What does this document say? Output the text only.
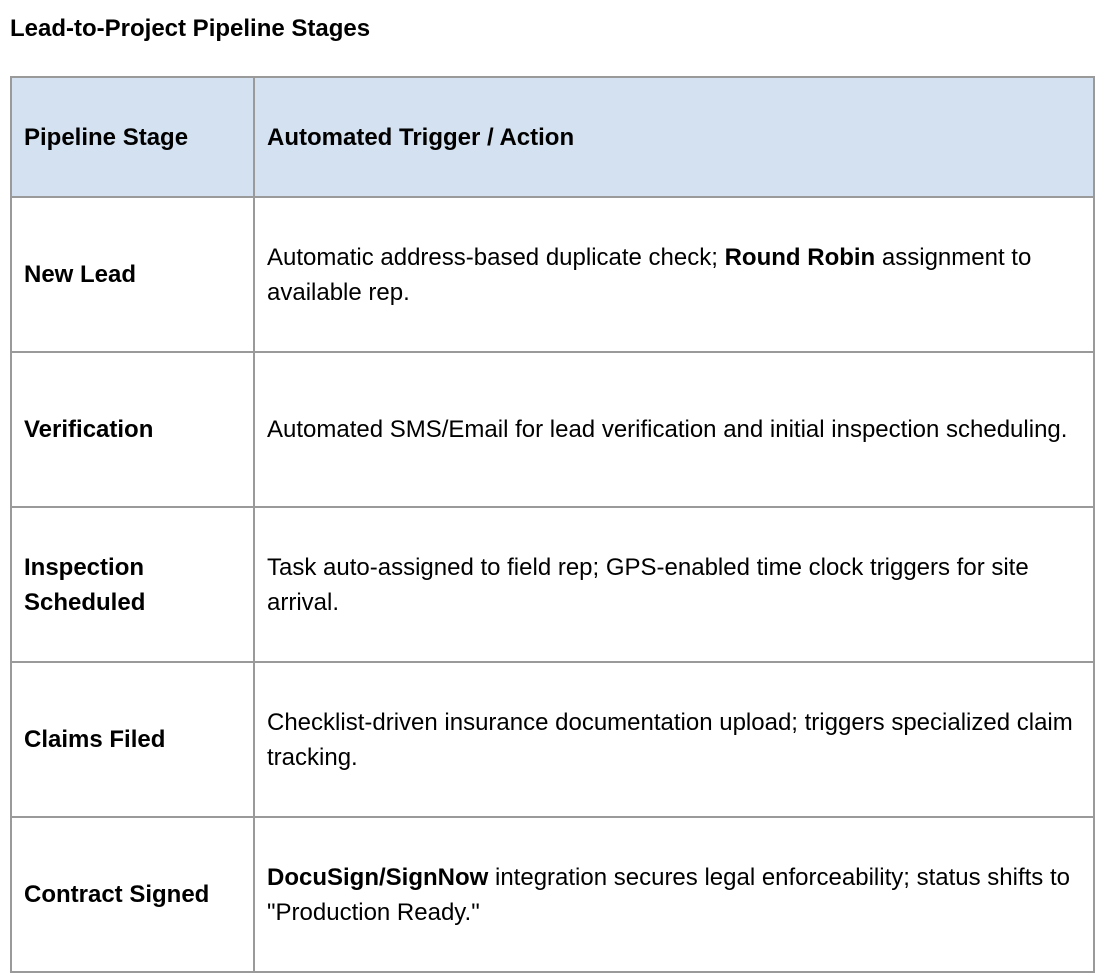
Lead-to-Project Pipeline Stages
Pipeline Stage	Automated Trigger / Action
New Lead	Automatic address-based duplicate check; Round Robin assignment to available rep.
Verification	Automated SMS/Email for lead verification and initial inspection scheduling.
Inspection Scheduled	Task auto-assigned to field rep; GPS-enabled time clock triggers for site arrival.
Claims Filed	Checklist-driven insurance documentation upload; triggers specialized claim tracking.
Contract Signed	DocuSign/SignNow integration secures legal enforceability; status shifts to "Production Ready."
